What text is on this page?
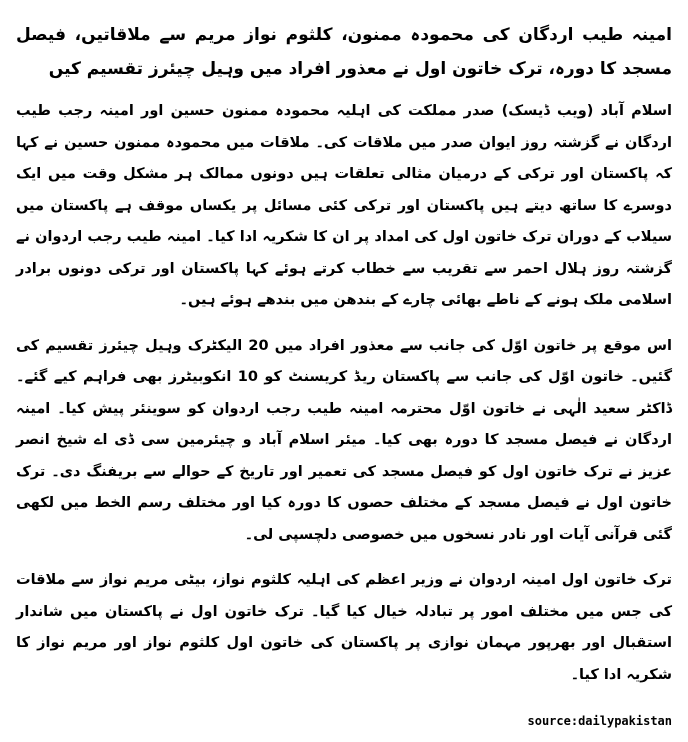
امینہ طیب اردگان کی محمودہ ممنون، کلثوم نواز مریم سے ملاقاتیں، فیصل مسجد کا دورہ، ترک خاتون اول نے معذور افراد میں وہیل چیئرز تقسیم کیں
اسلام آباد (ویب ڈیسک) صدر مملکت کی اہلیہ محمودہ ممنون حسین اور امینہ رجب طیب اردگان نے گزشتہ روز ایوان صدر میں ملاقات کی۔ ملاقات میں محمودہ ممنون حسین نے کہا کہ پاکستان اور ترکی کے درمیان مثالی تعلقات ہیں دونوں ممالک ہر مشکل وقت میں ایک دوسرے کا ساتھ دیتے ہیں پاکستان اور ترکی کئی مسائل پر یکساں موقف ہے پاکستان میں سیلاب کے دوران ترک خاتون اول کی امداد پر ان کا شکریہ ادا کیا۔ امینہ طیب رجب اردوان نے گزشتہ روز ہلال احمر سے تقریب سے خطاب کرتے ہوئے کہا پاکستان اور ترکی دونوں برادر اسلامی ملک ہونے کے ناطے بھائی چارے کے بندھن میں بندھے ہوئے ہیں۔
اس موقع پر خاتون اوّل کی جانب سے معذور افراد میں 20 الیکٹرک وہیل چیئرز تقسیم کی گئیں۔ خاتون اوّل کی جانب سے پاکستان ریڈ کریسنٹ کو 10 انکوبیٹرز بھی فراہم کیے گئے۔ ڈاکٹر سعید الٰہی نے خاتون اوّل محترمہ امینہ طیب رجب اردوان کو سوینئر پیش کیا۔ امینہ اردگان نے فیصل مسجد کا دورہ بھی کیا۔ میئر اسلام آباد و چیئرمین سی ڈی اے شیخ انصر عزیز نے ترک خاتون اول کو فیصل مسجد کی تعمیر اور تاریخ کے حوالے سے بریفنگ دی۔ ترک خاتون اول نے فیصل مسجد کے مختلف حصوں کا دورہ کیا اور مختلف رسم الخط میں لکھی گئی قرآنی آیات اور نادر نسخوں میں خصوصی دلچسپی لی۔
ترک خاتون اول امینہ اردوان نے وزیر اعظم کی اہلیہ کلثوم نواز، بیٹی مریم نواز سے ملاقات کی جس میں مختلف امور پر تبادلہ خیال کیا گیا۔ ترک خاتون اول نے پاکستان میں شاندار استقبال اور بھرپور مہمان نوازی پر پاکستان کی خاتون اول کلثوم نواز اور مریم نواز کا شکریہ ادا کیا۔
source:dailypakistan
